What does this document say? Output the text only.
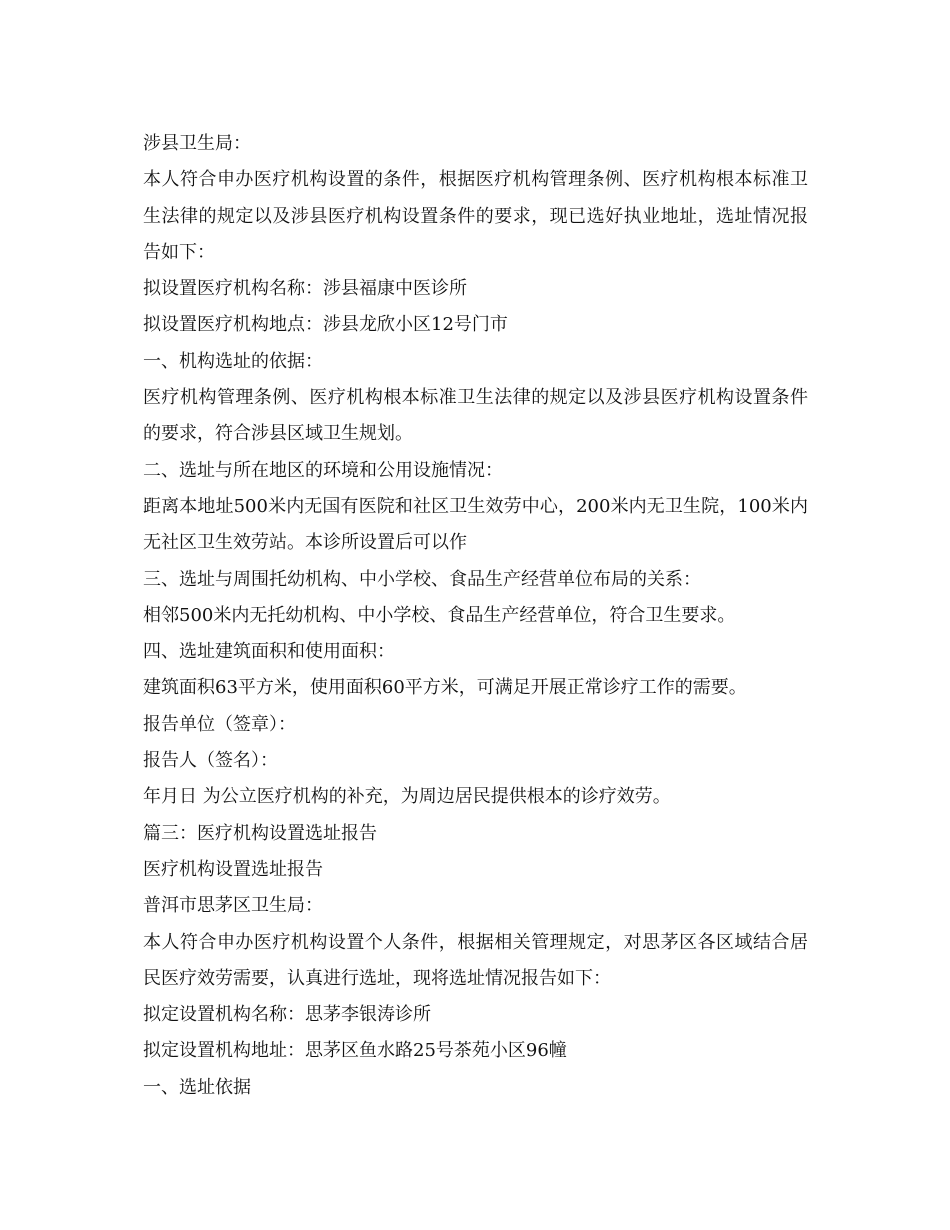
涉县卫生局：

本人符合申办医疗机构设置的条件，根据医疗机构管理条例、医疗机构根本标准卫生法律的规定以及涉县医疗机构设置条件的要求，现已选好执业地址，选址情况报告如下：

拟设置医疗机构名称：涉县福康中医诊所

拟设置医疗机构地点：涉县龙欣小区12号门市

一、机构选址的依据：

医疗机构管理条例、医疗机构根本标准卫生法律的规定以及涉县医疗机构设置条件的要求，符合涉县区域卫生规划。

二、选址与所在地区的环境和公用设施情况：

距离本地址500米内无国有医院和社区卫生效劳中心，200米内无卫生院，100米内无社区卫生效劳站。本诊所设置后可以作

三、选址与周围托幼机构、中小学校、食品生产经营单位布局的关系：

相邻500米内无托幼机构、中小学校、食品生产经营单位，符合卫生要求。

四、选址建筑面积和使用面积：

建筑面积63平方米，使用面积60平方米，可满足开展正常诊疗工作的需要。

报告单位（签章）：

报告人（签名）：

年月日 为公立医疗机构的补充，为周边居民提供根本的诊疗效劳。

篇三：医疗机构设置选址报告

医疗机构设置选址报告

普洱市思茅区卫生局：

本人符合申办医疗机构设置个人条件，根据相关管理规定，对思茅区各区域结合居民医疗效劳需要，认真进行选址，现将选址情况报告如下：

拟定设置机构名称：思茅李银涛诊所

拟定设置机构地址：思茅区鱼水路25号茶苑小区96幢

一、选址依据
